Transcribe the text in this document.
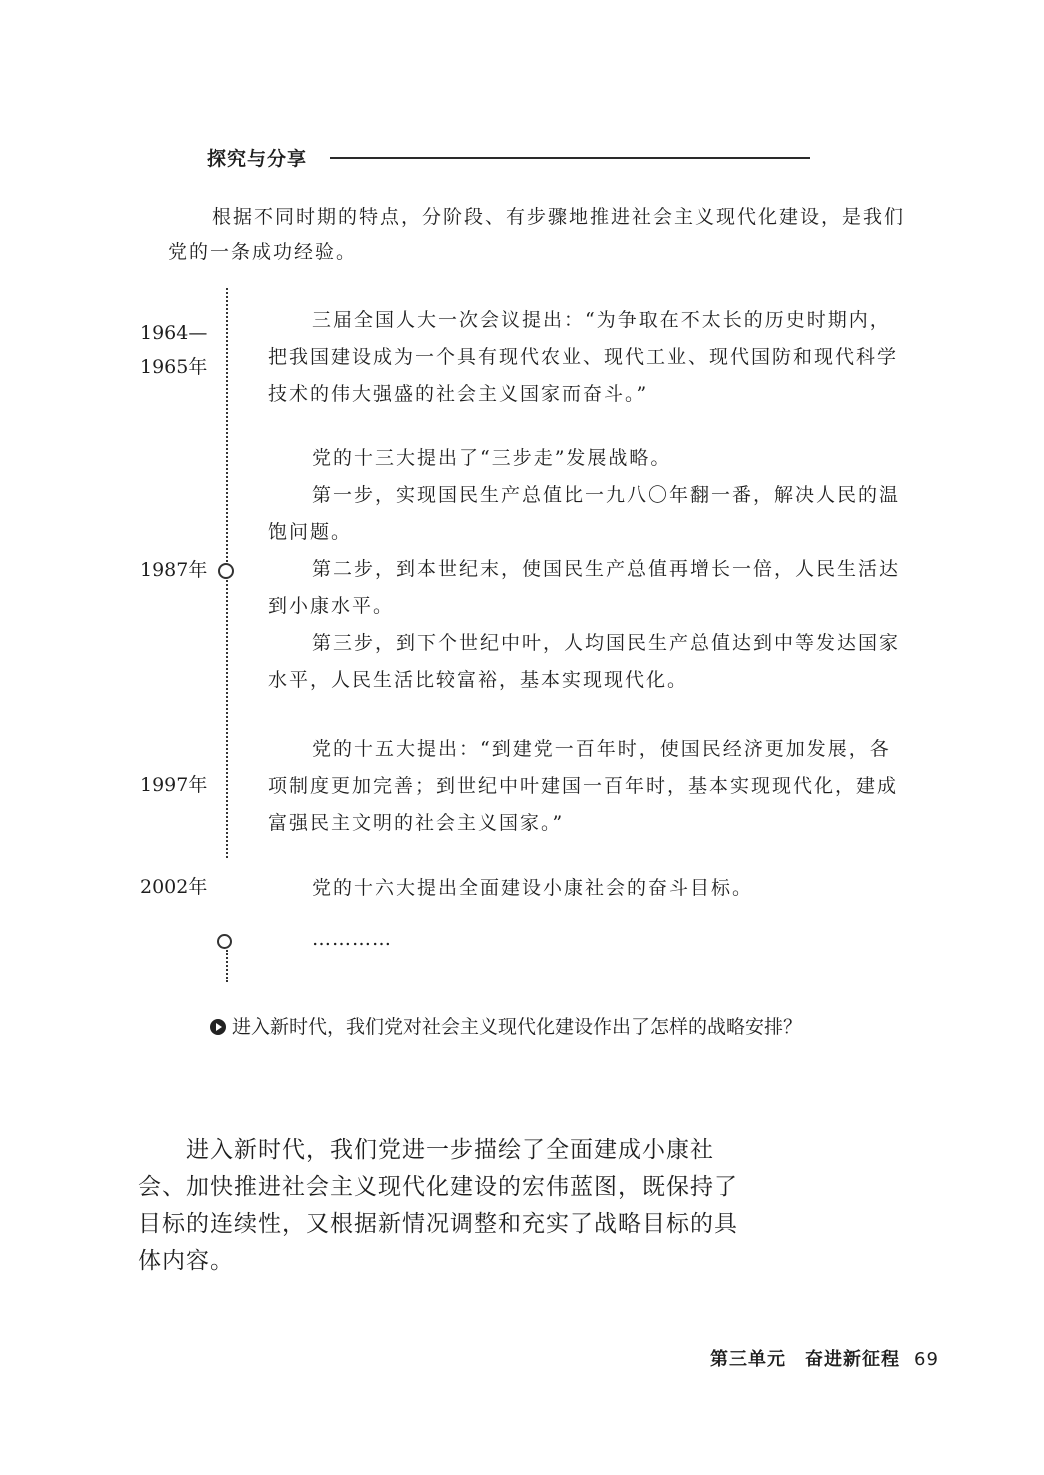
探究与分享
根据不同时期的特点，分阶段、有步骤地推进社会主义现代化建设，是我们党的一条成功经验。
1964—
1965年
1987年
1997年
2002年

三届全国人大一次会议提出：“为争取在不太长的历史时期内，把我国建设成为一个具有现代农业、现代工业、现代国防和现代科学技术的伟大强盛的社会主义国家而奋斗。”

党的十三大提出了“三步走”发展战略。

第一步，实现国民生产总值比一九八〇年翻一番，解决人民的温饱问题。

第二步，到本世纪末，使国民生产总值再增长一倍，人民生活达到小康水平。

第三步，到下个世纪中叶，人均国民生产总值达到中等发达国家水平，人民生活比较富裕，基本实现现代化。

党的十五大提出：“到建党一百年时，使国民经济更加发展，各项制度更加完善；到世纪中叶建国一百年时，基本实现现代化，建成富强民主文明的社会主义国家。”

党的十六大提出全面建设小康社会的奋斗目标。

…………
进入新时代，我们党对社会主义现代化建设作出了怎样的战略安排？
进入新时代，我们党进一步描绘了全面建成小康社会、加快推进社会主义现代化建设的宏伟蓝图，既保持了目标的连续性，又根据新情况调整和充实了战略目标的具体内容。
第三单元　奋进新征程 69
